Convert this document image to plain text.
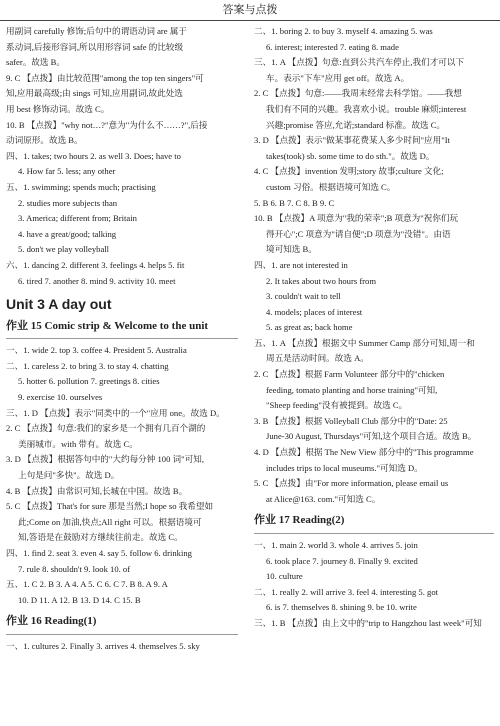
答案与点拨
用副词 carefully 修饰;后句中的谓语动词 are 属于
系动词,后接形容词,所以用形容词 safe 的比较级
safer。故选 B。
9. C 【点拨】由比较范围"among the top ten singers"可
知,应用最高级;由 sings 可知,应用副词,故此处选
用 best 修饰动词。故选 C。
10. B 【点拨】"why not…?"意为"为什么不……?",后接
动词原形。故选 B。
四、1. takes; two hours 2. as well 3. Does; have to
4. How far 5. less; any other
五、1. swimming; spends much; practising
2. studies more subjects than
3. America; different from; Britain
4. have a great/good; talking
5. don't we play volleyball
六、1. dancing 2. different 3. feelings 4. helps 5. fit
6. tired 7. another 8. mind 9. activity 10. meet
Unit 3 A day out
作业 15 Comic strip & Welcome to the unit
一、1. wide 2. top 3. coffee 4. President 5. Australia
二、1. careless 2. to bring 3. to stay 4. chatting
5. hotter 6. pollution 7. greetings 8. cities
9. exercise 10. ourselves
三、1. D 【点拨】表示"同类中的一个"应用 one。故选 D。
2. C 【点拨】句意:我们的家乡是一个拥有几百个湖的
美丽城市。with 带有。故选 C。
3. D 【点拨】根据答句中的"大约每分钟 100 词"可知,
上句是问"多快"。故选 D。
4. B 【点拨】由常识可知,长城在中国。故选 B。
5. C 【点拨】That's for sure 那是当然;I hope so 我希望如
此;Come on 加油,快点;All right 可以。根据语境可
知,答语是在鼓励对方继续往前走。故选 C。
四、1. find 2. seat 3. even 4. say 5. follow 6. drinking
7. rule 8. shouldn't 9. look 10. of
五、1. C 2. B 3. A 4. A 5. C 6. C 7. B 8. A 9. A
10. D 11. A 12. B 13. D 14. C 15. B
作业 16 Reading(1)
一、1. cultures 2. Finally 3. arrives 4. themselves 5. sky
二、1. boring 2. to buy 3. myself 4. amazing 5. was
6. interest; interested 7. eating 8. made
三、1. A 【点拨】句意:直到公共汽车停止,我们才可以下
车。表示"下车"应用 get off。故选 A。
2. C 【点拨】句意:——我周末经常去科学馆。——我想
我们有不同的兴趣。我喜欢小说。trouble 麻烦;interest
兴趣;promise 答应,允诺;standard 标准。故选 C。
3. D 【点拨】表示"做某事花费某人多少时间"应用"It
takes(took) sb. some time to do sth."。故选 D。
4. C 【点拨】invention 发明;story 故事;culture 文化;
custom 习俗。根据语境可知选 C。
5. B 6. B 7. C 8. B 9. C
10. B 【点拨】A 项意为"我的荣幸";B 项意为"祝你们玩
得开心";C 项意为"请自便";D 项意为"没错"。由语
境可知选 B。
四、1. are not interested in
2. It takes about two hours from
3. couldn't wait to tell
4. models; places of interest
5. as great as; back home
五、1. A 【点拨】根据文中 Summer Camp 部分可知,周一和
周五是活动时间。故选 A。
2. C 【点拨】根据 Farm Volunteer 部分中的"chicken
feeding, tomato planting and horse training"可知,
"Sheep feeding"没有被提到。故选 C。
3. B 【点拨】根据 Volleyball Club 部分中的"Date: 25
June-30 August, Thursdays"可知,这个项目合适。故选 B。
4. D 【点拨】根据 The New View 部分中的"This programme
includes trips to local museums."可知选 D。
5. C 【点拨】由"For more information, please email us
at Alice@163. com."可知选 C。
作业 17 Reading(2)
一、1. main 2. world 3. whole 4. arrives 5. join
6. took place 7. journey 8. Finally 9. excited
10. culture
二、1. really 2. will arrive 3. feel 4. interesting 5. got
6. is 7. themselves 8. shining 9. be 10. write
三、1. B 【点拨】由上文中的"trip to Hangzhou last week"可知
